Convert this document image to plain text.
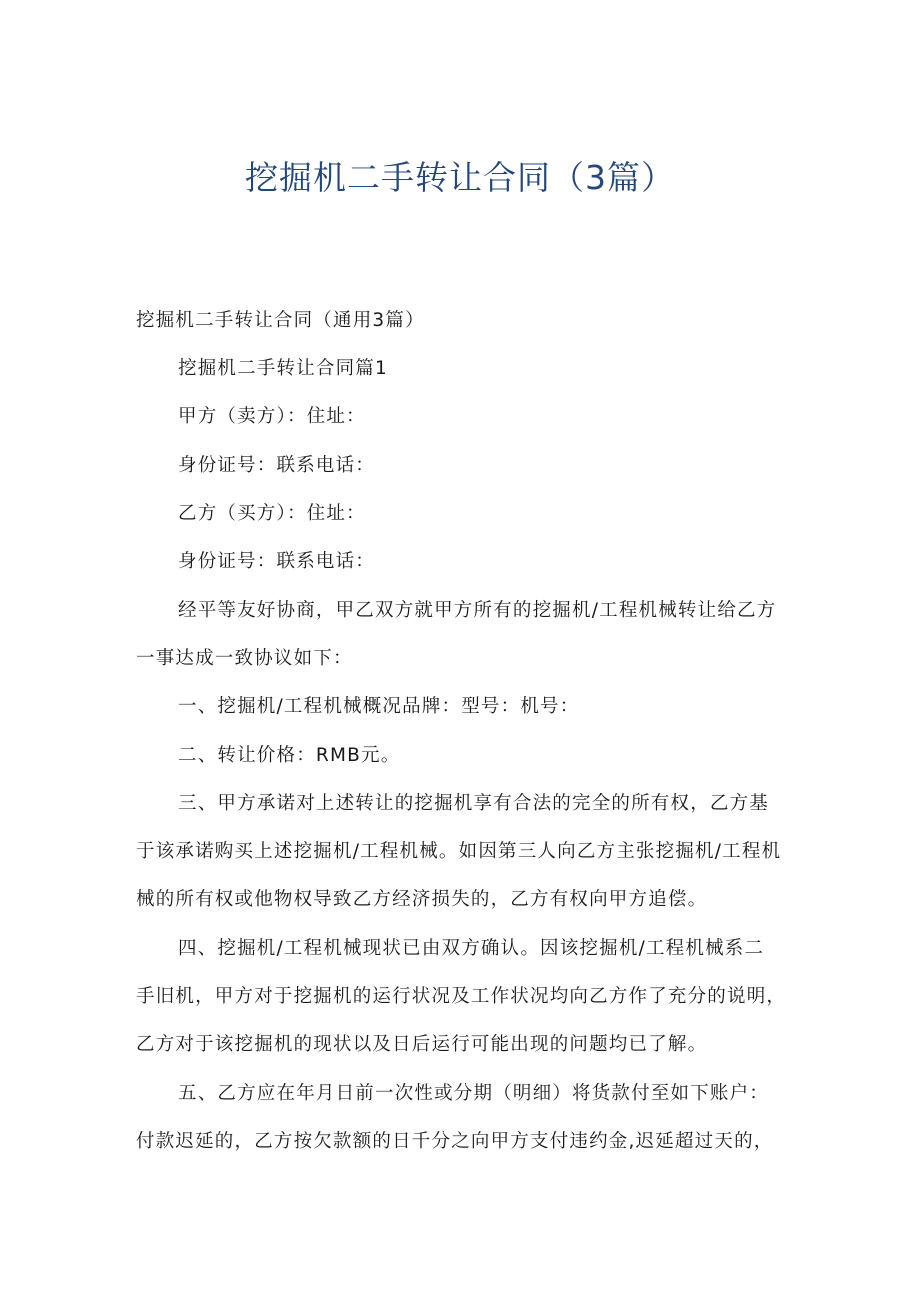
挖掘机二手转让合同（3篇）
挖掘机二手转让合同（通用3篇）
挖掘机二手转让合同篇1
甲方（卖方）：住址：
身份证号：联系电话：
乙方（买方）：住址：
身份证号：联系电话：
经平等友好协商，甲乙双方就甲方所有的挖掘机/工程机械转让给乙方
一事达成一致协议如下：
一、挖掘机/工程机械概况品牌：型号：机号：
二、转让价格：RMB元。
三、甲方承诺对上述转让的挖掘机享有合法的完全的所有权，乙方基
于该承诺购买上述挖掘机/工程机械。如因第三人向乙方主张挖掘机/工程机
械的所有权或他物权导致乙方经济损失的，乙方有权向甲方追偿。
四、挖掘机/工程机械现状已由双方确认。因该挖掘机/工程机械系二
手旧机，甲方对于挖掘机的运行状况及工作状况均向乙方作了充分的说明，
乙方对于该挖掘机的现状以及日后运行可能出现的问题均已了解。
五、乙方应在年月日前一次性或分期（明细）将货款付至如下账户：
付款迟延的，乙方按欠款额的日千分之向甲方支付违约金,迟延超过天的，
